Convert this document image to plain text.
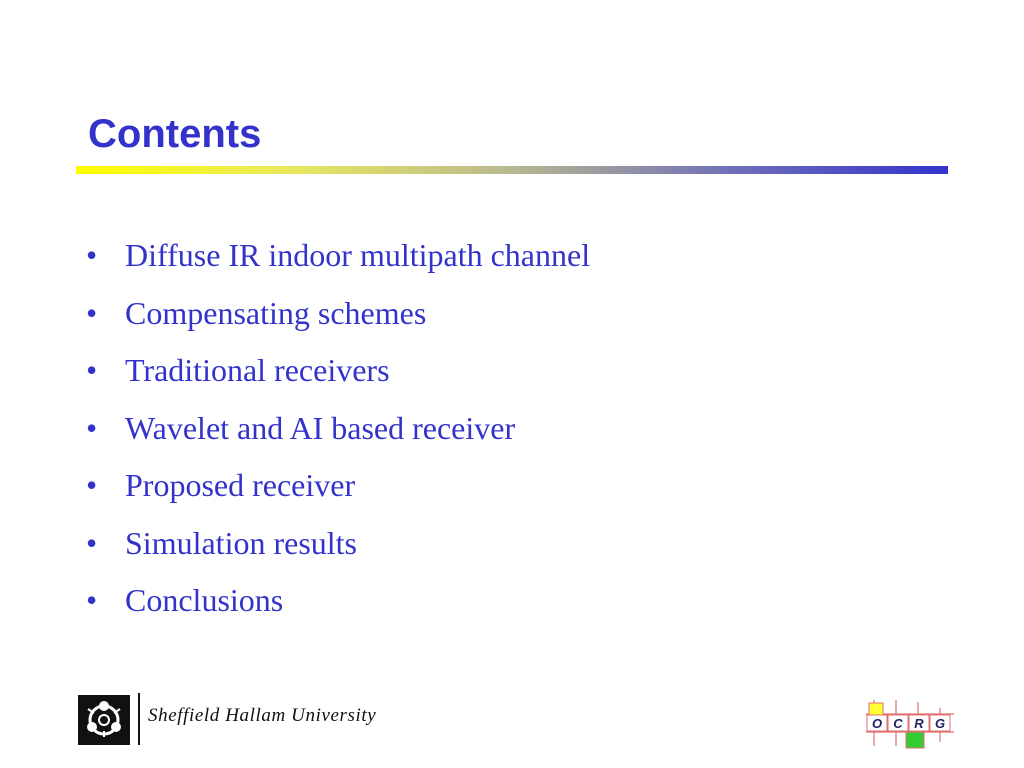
Contents
• Diffuse IR indoor multipath channel
• Compensating schemes
• Traditional receivers
• Wavelet and AI based receiver
• Proposed receiver
• Simulation results
• Conclusions
Sheffield Hallam University	O C R G
